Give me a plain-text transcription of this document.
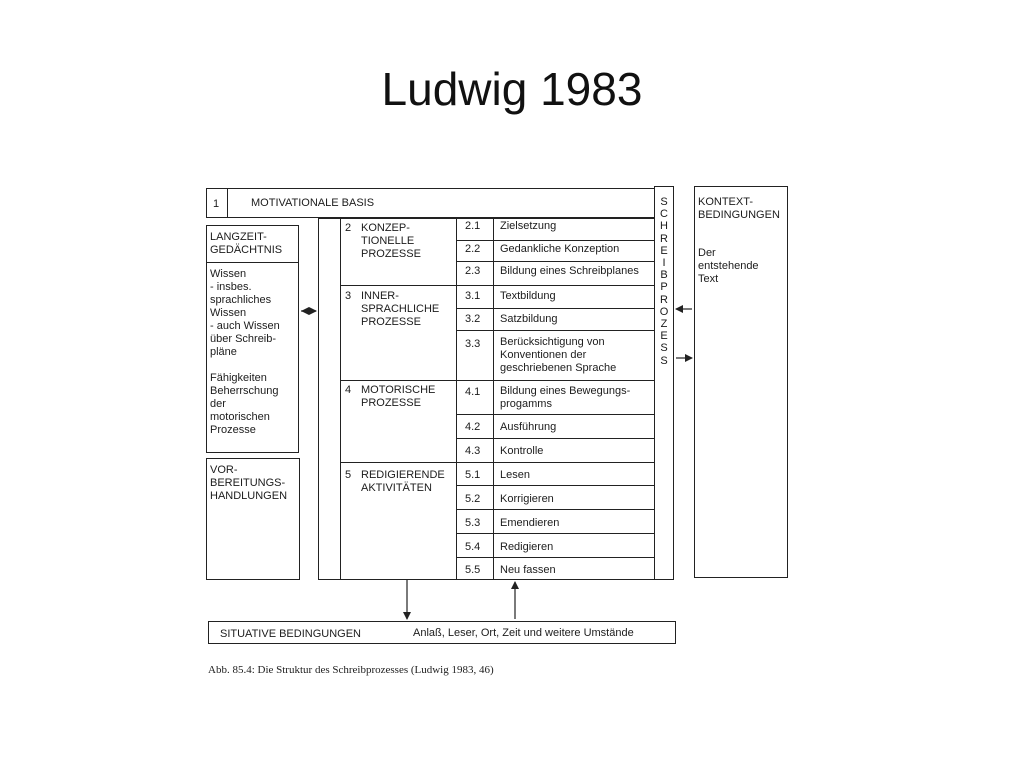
Ludwig 1983
1	MOTIVATIONALE BASIS
LANGZEIT-
GEDÄCHTNIS
Wissen
- insbes.
sprachliches
Wissen
- auch Wissen
über Schreib-
pläne

Fähigkeiten
Beherrschung
der
motorischen
Prozesse
VOR-
BEREITUNGS-
HANDLUNGEN
2 KONZEP-
TIONELLE
PROZESSE
3 INNER-
SPRACHLICHE
PROZESSE
4 MOTORISCHE
PROZESSE
5 REDIGIERENDE
AKTIVITÄTEN
2.1 Zielsetzung
2.2 Gedankliche Konzeption
2.3 Bildung eines Schreibplanes
3.1 Textbildung
3.2 Satzbildung
3.3 Berücksichtigung von
Konventionen der
geschriebenen Sprache
4.1 Bildung eines Bewegungs-
progamms
4.2 Ausführung
4.3 Kontrolle
5.1 Lesen
5.2 Korrigieren
5.3 Emendieren
5.4 Redigieren
5.5 Neu fassen
S
C
H
R
E
I
B
P
R
O
Z
E
S
S
KONTEXT-
BEDINGUNGEN
Der
entstehende
Text
SITUATIVE BEDINGUNGEN	Anlaß, Leser, Ort, Zeit und weitere Umstände
Abb. 85.4: Die Struktur des Schreibprozesses (Ludwig 1983, 46)
